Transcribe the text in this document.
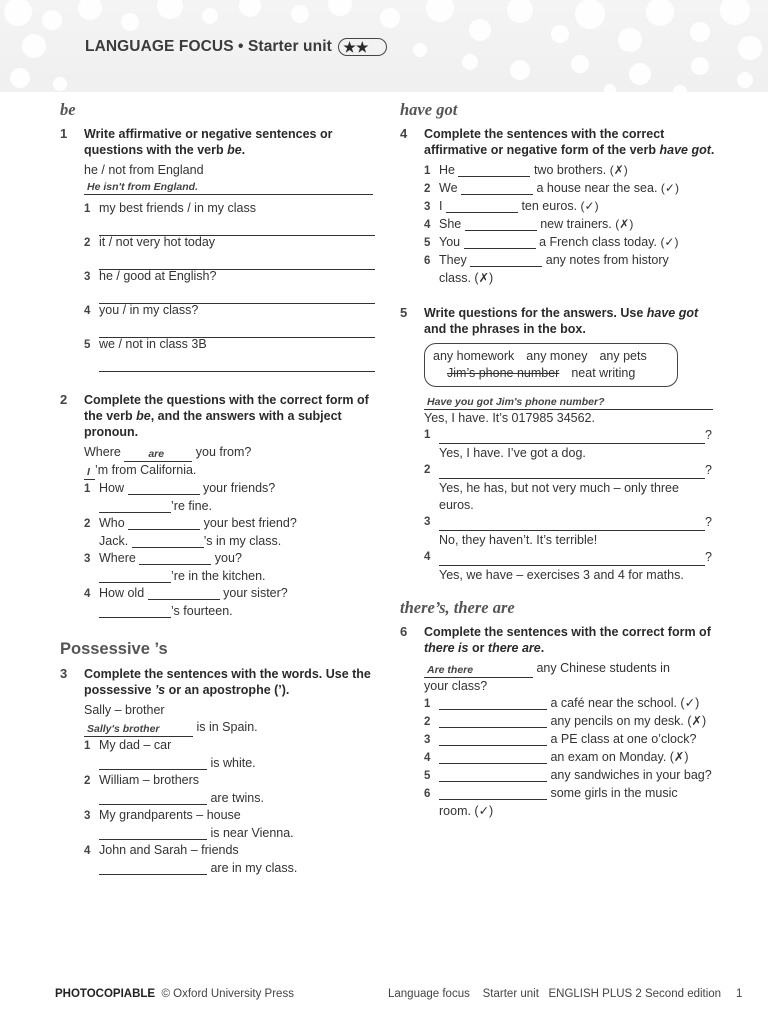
LANGUAGE FOCUS • Starter unit ★★
be
1	Write affirmative or negative sentences or questions with the verb be.
he / not from England
He isn't from England.
1 my best friends / in my class
2 it / not very hot today
3 he / good at English?
4 you / in my class?
5 we / not in class 3B
2	Complete the questions with the correct form of the verb be, and the answers with a subject pronoun.
Where	are	you from?
I ’m from California.
1 How	your friends?
’re fine.
2 Who	your best friend?
Jack.	’s in my class.
3 Where	you?
’re in the kitchen.
4 How old	your sister?
’s fourteen.
Possessive ’s
3	Complete the sentences with the words. Use the possessive ’s or an apostrophe (’).
Sally – brother
Sally's brother	is in Spain.
1 My dad – car
is white.
2 William – brothers
are twins.
3 My grandparents – house
is near Vienna.
4 John and Sarah – friends
are in my class.
have got
4	Complete the sentences with the correct affirmative or negative form of the verb have got.
1 He	two brothers. (✗)
2 We	a house near the sea. (✓)
3 I	ten euros. (✓)
4 She	new trainers. (✗)
5 You	a French class today. (✓)
6 They	any notes from history
class. (✗)
5	Write questions for the answers. Use have got and the phrases in the box.
any homework any money any pets
Jim’s phone number neat writing
Have you got Jim's phone number?
Yes, I have. It’s 017985 34562.
1	?
Yes, I have. I’ve got a dog.
2	?
Yes, he has, but not very much – only three
euros.
3	?
No, they haven’t. It’s terrible!
4	?
Yes, we have – exercises 3 and 4 for maths.
there’s, there are
6	Complete the sentences with the correct form of there is or there are.
Are there	any Chinese students in
your class?
1	a café near the school. (✓)
2	any pencils on my desk. (✗)
3	a PE class at one o’clock?
4	an exam on Monday. (✗)
5	any sandwiches in your bag?
6	some girls in the music
room. (✓)
PHOTOCOPIABLE © Oxford University Press	Language focus Starter unit ENGLISH PLUS 2 Second edition 1
